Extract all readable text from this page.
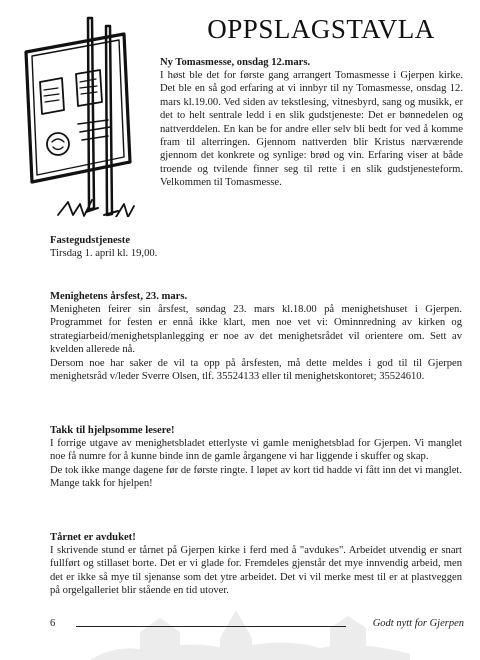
OPPSLAGSTAVLA
Ny Tomasmesse, onsdag 12.mars.

I høst ble det for første gang arrangert Tomasmesse i Gjerpen kirke. Det ble en så god erfaring at vi innbyr til ny Tomasmesse, onsdag 12. mars kl.19.00. Ved siden av tekstlesing, vitnesbyrd, sang og musikk, er det to helt sentrale ledd i en slik gudstjeneste: Det er bønnedelen og nattverddelen. En kan be for andre eller selv bli bedt for ved å komme fram til alterringen. Gjennom nattverden blir Kristus nærværende gjennom det konkrete og synlige: brød og vin. Erfaring viser at både troende og tvilende finner seg til rette i en slik gudstjenesteform. Velkommen til Tomasmesse.

Fastegudstjeneste

Tirsdag 1. april kl. 19,00.

Menighetens årsfest, 23. mars.

Menigheten feirer sin årsfest, søndag 23. mars kl.18.00 på menighetshuset i Gjerpen. Programmet for festen er ennå ikke klart, men noe vet vi: Ominnredning av kirken og strategiarbeid/menighetsplanlegging er noe av det menighetsrådet vil orientere om. Sett av kvelden allerede nå.

Dersom noe har saker de vil ta opp på årsfesten, må dette meldes i god til til Gjerpen menighetsråd v/leder Sverre Olsen, tlf. 35524133 eller til menighetskontoret; 35524610.

Takk til hjelpsomme lesere!

I forrige utgave av menighetsbladet etterlyste vi gamle menighetsblad for Gjerpen. Vi manglet noe få numre for å kunne binde inn de gamle årgangene vi har liggende i skuffer og skap.

De tok ikke mange dagene før de første ringte. I løpet av kort tid hadde vi fått inn det vi manglet. Mange takk for hjelpen!

Tårnet er avduket!

I skrivende stund er tårnet på Gjerpen kirke i ferd med å "avdukes". Arbeidet utvendig er snart fullført og stillaset borte. Det er vi glade for. Fremdeles gjenstår det mye innvendig arbeid, men det er ikke så mye til sjenanse som det ytre arbeidet. Det vi vil merke mest til er at plastveggen på orgelgalleriet blir stående en tid utover.

6	Godt nytt for Gjerpen
